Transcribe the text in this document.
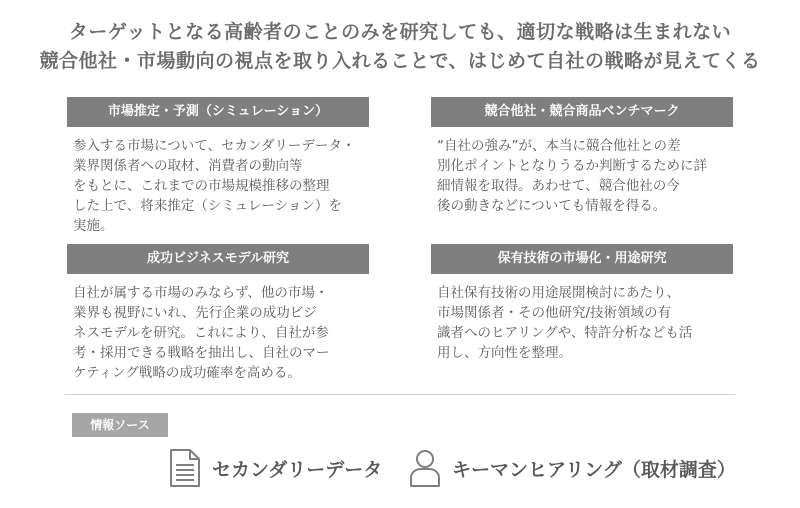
ターゲットとなる高齢者のことのみを研究しても、適切な戦略は生まれない
競合他社・市場動向の視点を取り入れることで、はじめて自社の戦略が見えてくる
市場推定・予測（シミュレーション）
参入する市場について、セカンダリーデータ・
業界関係者への取材、消費者の動向等
をもとに、これまでの市場規模推移の整理
した上で、将来推定（シミュレーション）を
実施。
競合他社・競合商品ベンチマーク
“自社の強み”が、本当に競合他社との差
別化ポイントとなりうるか判断するために詳
細情報を取得。あわせて、競合他社の今
後の動きなどについても情報を得る。
成功ビジネスモデル研究
自社が属する市場のみならず、他の市場・
業界も視野にいれ、先行企業の成功ビジ
ネスモデルを研究。これにより、自社が参
考・採用できる戦略を抽出し、自社のマー
ケティング戦略の成功確率を高める。
保有技術の市場化・用途研究
自社保有技術の用途展開検討にあたり、
市場関係者・その他研究/技術領域の有
識者へのヒアリングや、特許分析なども活
用し、方向性を整理。
情報ソース
セカンダリーデータ	キーマンヒアリング（取材調査）
